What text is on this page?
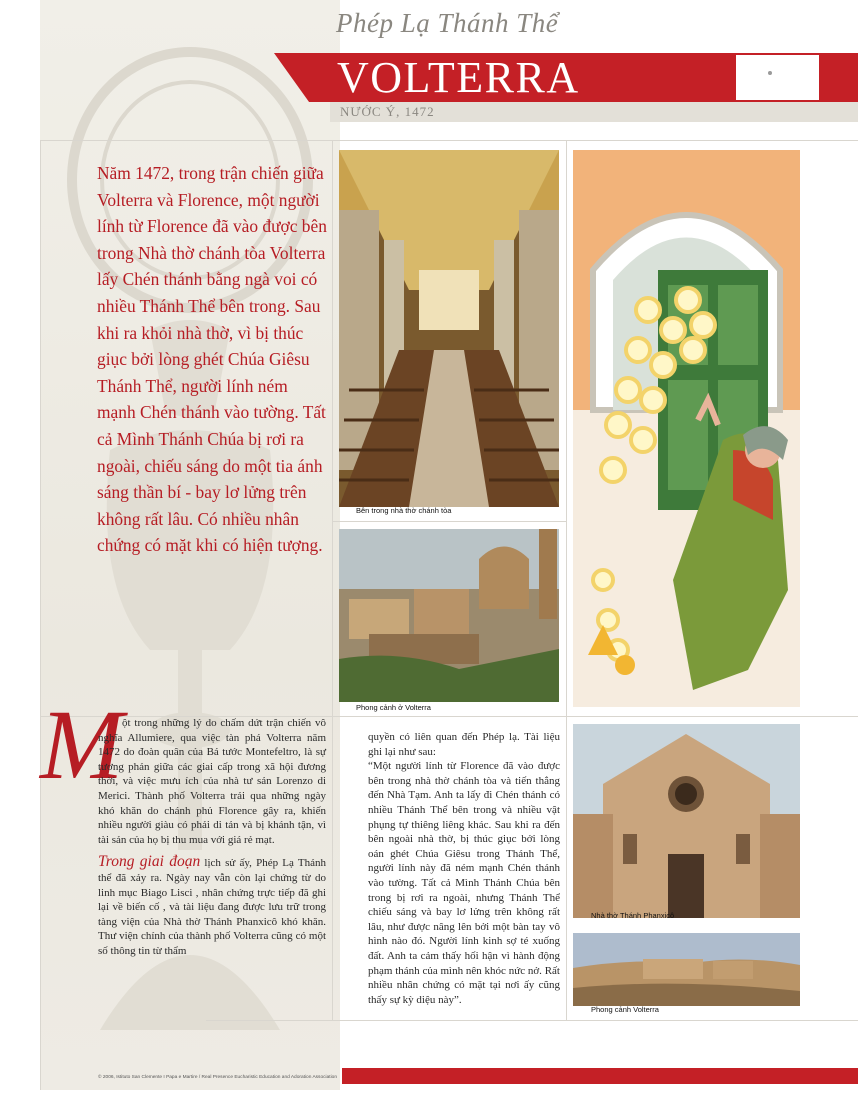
Phép Lạ Thánh Thể
VOLTERRA
NƯỚC Ý, 1472

Năm 1472, trong trận chiến giữa Volterra và Florence, một người lính từ Florence đã vào được bên trong Nhà thờ chánh tòa Volterra lấy Chén thánh bằng ngà voi có nhiều Thánh Thể bên trong. Sau khi ra khỏi nhà thờ, vì bị thúc giục bởi lòng ghét Chúa Giêsu Thánh Thể, người lính ném mạnh Chén thánh vào tường. Tất cả Mình Thánh Chúa bị rơi ra ngoài, chiếu sáng do một tia ánh sáng thần bí - bay lơ lửng trên không rất lâu. Có nhiều nhân chứng có mặt khi có hiện tượng.

Bên trong nhà thờ chánh tòa
Phong cảnh ở Volterra
Nhà thờ Thánh Phanxicô
Phong cảnh Volterra
M

ột trong những lý do chấm dứt trận chiến vô nghĩa Allumiere, qua việc tàn phá Volterra năm 1472 do đoàn quân của Bá tước Montefeltro, là sự tương phản giữa các giai cấp trong xã hội đương thời, và việc mưu ích của nhà tư sản Lorenzo di Merici. Thành phố Volterra trải qua những ngày khó khăn do chánh phủ Florence gây ra, khiến nhiều người giàu có phải di tản và bị khánh tận, vì tài sản của họ bị thu mua với giá rẻ mạt.

Trong giai đoạn lịch sử ấy, Phép Lạ Thánh thể đã xảy ra. Ngày nay vẫn còn lại chứng từ do linh mục Biago Lisci , nhân chứng trực tiếp đã ghi lại về biến cố , và tài liệu đang được lưu trữ trong tàng viện của Nhà thờ Thánh Phanxicô khó khăn. Thư viện chính của thành phố Volterra cũng có một số thông tin từ thẩm

quyền có liên quan đến Phép lạ. Tài liệu ghi lại như sau:

“Một người lính từ Florence đã vào được bên trong nhà thờ chánh tòa và tiến thẳng đến Nhà Tạm. Anh ta lấy đi Chén thánh có nhiều Thánh Thể bên trong và nhiều vật phụng tự thiêng liêng khác. Sau khi ra đến bên ngoài nhà thờ, bị thúc giục bởi lòng oán ghét Chúa Giêsu trong Thánh Thể, người lính này đã ném mạnh Chén thánh vào tường. Tất cả Mình Thánh Chúa bên trong bị rơi ra ngoài, nhưng Thánh Thể chiếu sáng và bay lơ lửng trên không rất lâu, như được nâng lên bởi một bàn tay vô hình nào đó. Người lính kinh sợ té xuống đất. Anh ta cảm thấy hối hận vì hành động phạm thánh của mình nên khóc nức nở. Rất nhiều nhân chứng có mặt tại nơi ấy cũng thấy sự kỳ diệu này”.

© 2006, Istituto San Clemente I Papa e Martire / Real Presence Eucharistic Education and Adoration Association
